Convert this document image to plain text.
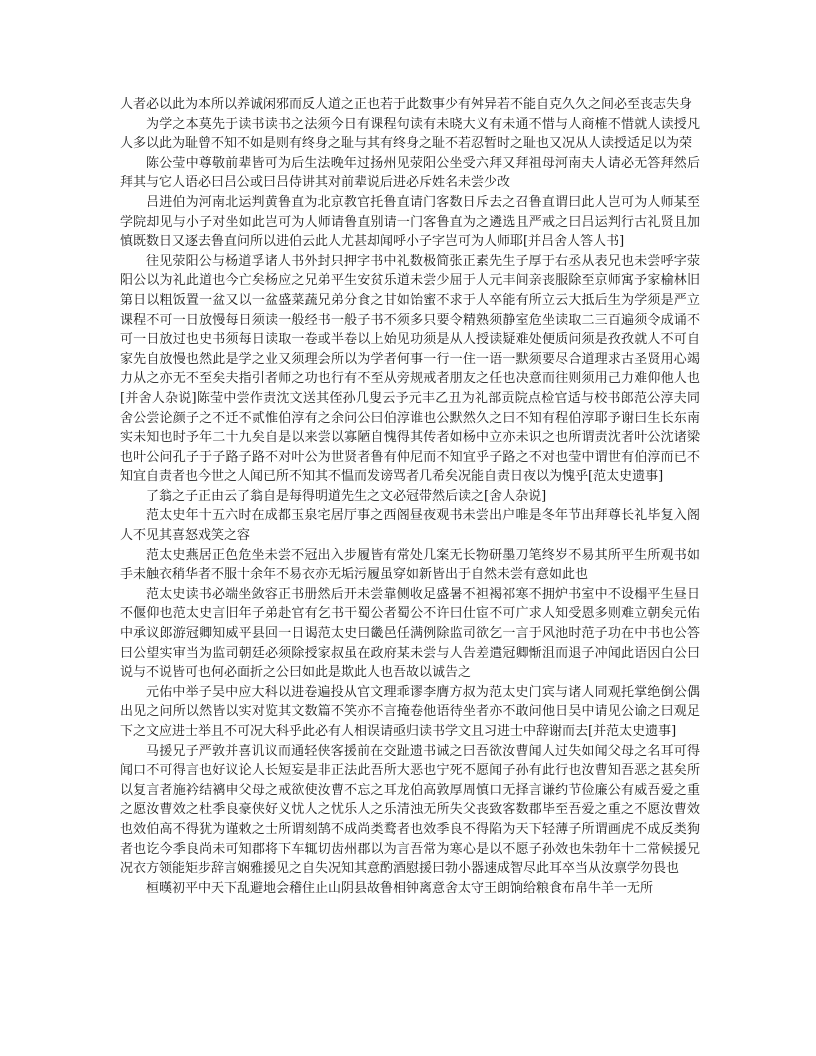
人者必以此为本所以养诚闲邪而反人道之正也若于此数事少有舛异若不能自克久久之间必至丧志失身

为学之本莫先于读书读书之法须今日有课程句读有未晓大义有未通不惜与人商榷不惜就人读授凡人多以此为耻曾不知不如是则有终身之耻与其有终身之耻不若忍暂时之耻也又况从人读授适足以为荣

陈公莹中尊敬前辈皆可为后生法晚年过扬州见荥阳公坐受六拜又拜祖母河南夫人请必无答拜然后拜其与它人语必曰吕公或曰吕侍讲其对前辈说后进必斥姓名未尝少改

吕进伯为河南北运判黄鲁直为北京教官托鲁直请门客数日斥去之召鲁直谓曰此人岂可为人师某至学院却见与小子对坐如此岂可为人师请鲁直别请一门客鲁直为之遴选且严戒之曰吕运判行古礼贤且加慎既数日又逐去鲁直问所以进伯云此人尤甚却闻呼小子字岂可为人师耶[并吕舍人答人书]

往见荥阳公与杨道孚诸人书外封只押字书中礼数极简张正素先生子厚于右丞从表兄也未尝呼字荥阳公以为礼此道也今亡矣杨应之兄弟平生安贫乐道未尝少屈于人元丰间亲丧服除至京师寓予家榆林旧第日以粗饭置一盆又以一盆盛菜蔬兄弟分食之甘如饴蜜不求于人卒能有所立云大抵后生为学须是严立课程不可一日放慢每日须读一般经书一般子书不须多只要令精熟须静室危坐读取二三百遍须令成诵不可一日放过也史书须每日读取一卷或半卷以上始见功须是从人授读疑难处便质问须是孜孜就人不可自家先自放慢也然此是学之业又须理会所以为学者何事一行一住一语一默须要尽合道理求古圣贤用心竭力从之亦无不至矣夫指引者师之功也行有不至从旁规戒者朋友之任也决意而往则须用己力难仰他人也[并舍人杂说]陈莹中尝作责沈文送其侄孙几叟云予元丰乙丑为礼部贡院点检官适与校书郎范公淳夫同舍公尝论颜子之不迁不贰惟伯淳有之余问公曰伯淳谁也公默然久之曰不知有程伯淳耶予谢曰生长东南实未知也时予年二十九矣自是以来尝以寡陋自愧得其传者如杨中立亦未识之也所谓责沈者叶公沈诸梁也叶公问孔子于子路子路不对叶公为世贤者鲁有仲尼而不知宜乎子路之不对也莹中谓世有伯淳而已不知宜自责者也今世之人闻已所不知其不愠而发谤骂者几希矣况能自责日夜以为愧乎[范太史遗事]

了翁之子正由云了翁自是每得明道先生之文必冠带然后读之[舍人杂说]

范太史年十五六时在成都玉泉宅居厅事之西阁昼夜观书未尝出户唯是冬年节出拜尊长礼毕复入阁人不见其喜怒戏笑之容

范太史燕居正色危坐未尝不冠出入步履皆有常处几案无长物研墨刀笔终岁不易其所平生所观书如手未触衣稍华者不服十余年不易衣亦无垢污履虽穿如新皆出于自然未尝有意如此也

范太史读书必端坐敛容正书册然后开未尝靠侧收足盛暑不袒褐祁寒不拥炉书室中不设榻平生昼日不偃仰也范太史言旧年子弟赴官有乞书干蜀公者蜀公不许曰仕宦不可广求人知受恩多则难立朝矣元佑中承议郎游冠卿知威平县回一日谒范太史曰畿邑任满例除监司欲乞一言于风池时范子功在中书也公答曰公望实审当为监司朝廷必须除授家叔虽在政府某未尝与人告差遣冠卿惭沮而退子冲闻此语因白公曰说与不说皆可也何必面折之公曰如此是欺此人也吾故以诚告之

元佑中举子吴中应大科以进卷遍投从官文理乖谬李膺方叔为范太史门宾与诸人同观托掌绝倒公偶出见之问所以然皆以实对览其文数篇不笑亦不言掩卷他语待坐者亦不敢问他日吴中请见公谕之曰观足下之文应进士举且不可况大科乎此必有人相误请亟归读书学文且习进士中辞谢而去[并范太史遗事]

马援兄子严敦并喜讥议而通轻侠客援前在交趾遗书诫之曰吾欲汝曹闻人过失如闻父母之名耳可得闻口不可得言也好议论人长短妄是非正法此吾所大恶也宁死不愿闻子孙有此行也汝曹知吾恶之甚矣所以复言者施衿结褵申父母之戒欲使汝曹不忘之耳龙伯高敦厚周慎口无择言谦约节俭廉公有威吾爱之重之愿汝曹效之杜季良豪侠好义忧人之忧乐人之乐清浊无所失父丧致客数郡毕至吾爱之重之不愿汝曹效也效伯高不得犹为谨敕之士所谓刻鹄不成尚类鹜者也效季良不得陷为天下轻薄子所谓画虎不成反类狗者也讫今季良尚未可知郡将下车辄切齿州郡以为言吾常为寒心是以不愿子孙效也朱勃年十二常候援兄况衣方领能矩步辞言娴雅援见之自失况知其意酌酒慰援曰勃小器速成智尽此耳卒当从汝禀学勿畏也

桓暵初平中天下乱避地会稽住止山阴县故鲁相钟离意舍太守王朗饷给粮食布帛牛羊一无所
